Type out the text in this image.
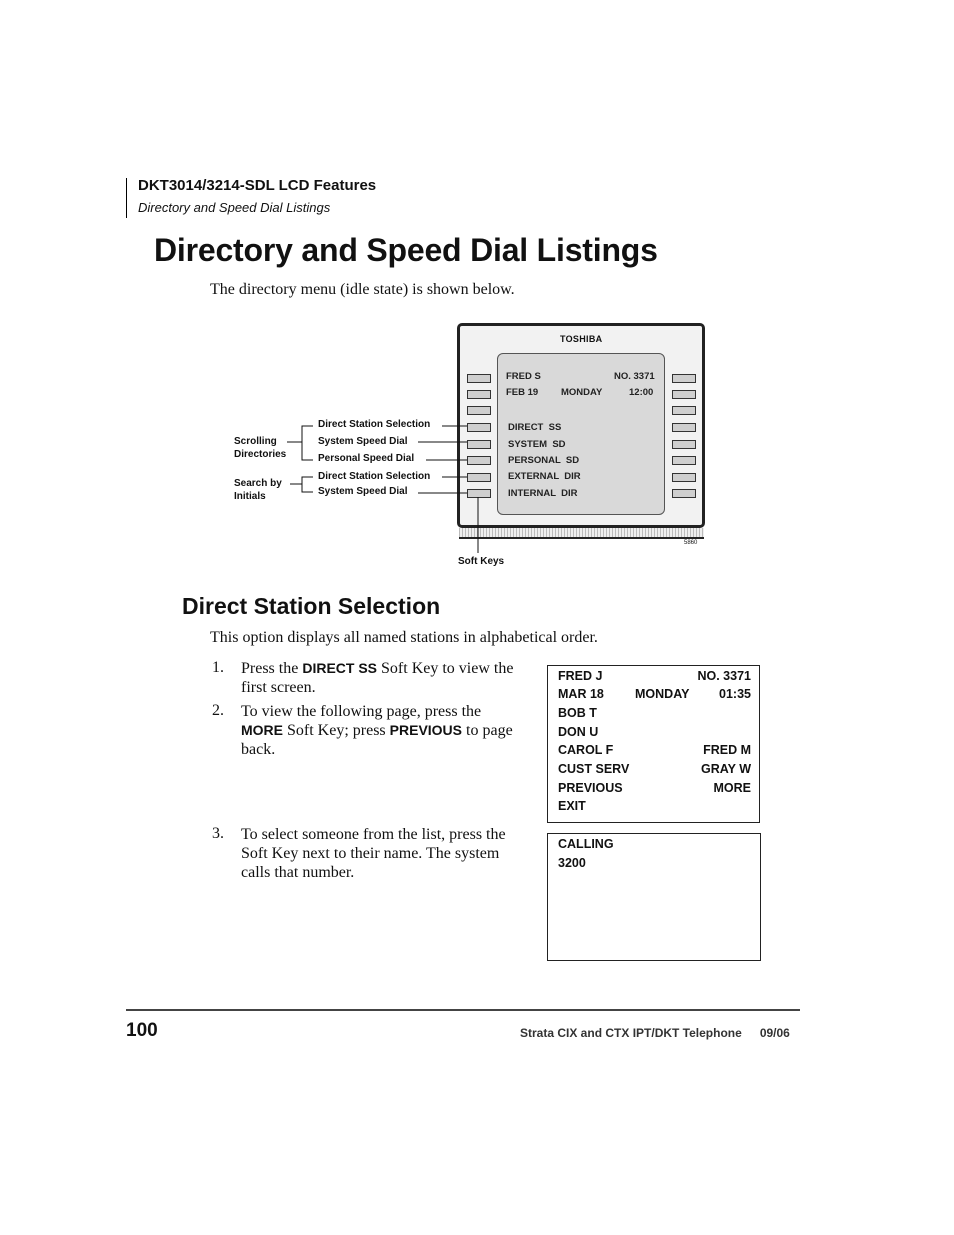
DKT3014/3214-SDL LCD Features
Directory and Speed Dial Listings
Directory and Speed Dial Listings
The directory menu (idle state) is shown below.
TOSHIBA
FRED S	NO. 3371
FEB 19 MONDAY	12:00
DIRECT  SS
SYSTEM  SD
PERSONAL  SD
EXTERNAL  DIR
INTERNAL  DIR
Direct Station Selection
System Speed Dial
Personal Speed Dial
Direct Station Selection
System Speed Dial
Scrolling
Directories
Search by
Initials
Soft Keys
5860
Direct Station Selection
This option displays all named stations in alphabetical order.
1. Press the DIRECT SS Soft Key to view the first screen.
2. To view the following page, press the MORE Soft Key; press PREVIOUS to page back.
3. To select someone from the list, press the Soft Key next to their name. The system calls that number.
FRED J	NO. 3371
MAR 18 MONDAY 01:35
BOB T
DON U
CAROL F	FRED M
CUST SERV	GRAY W
PREVIOUS	MORE
EXIT
CALLING
3200
100	Strata CIX and CTX IPT/DKT Telephone 09/06
